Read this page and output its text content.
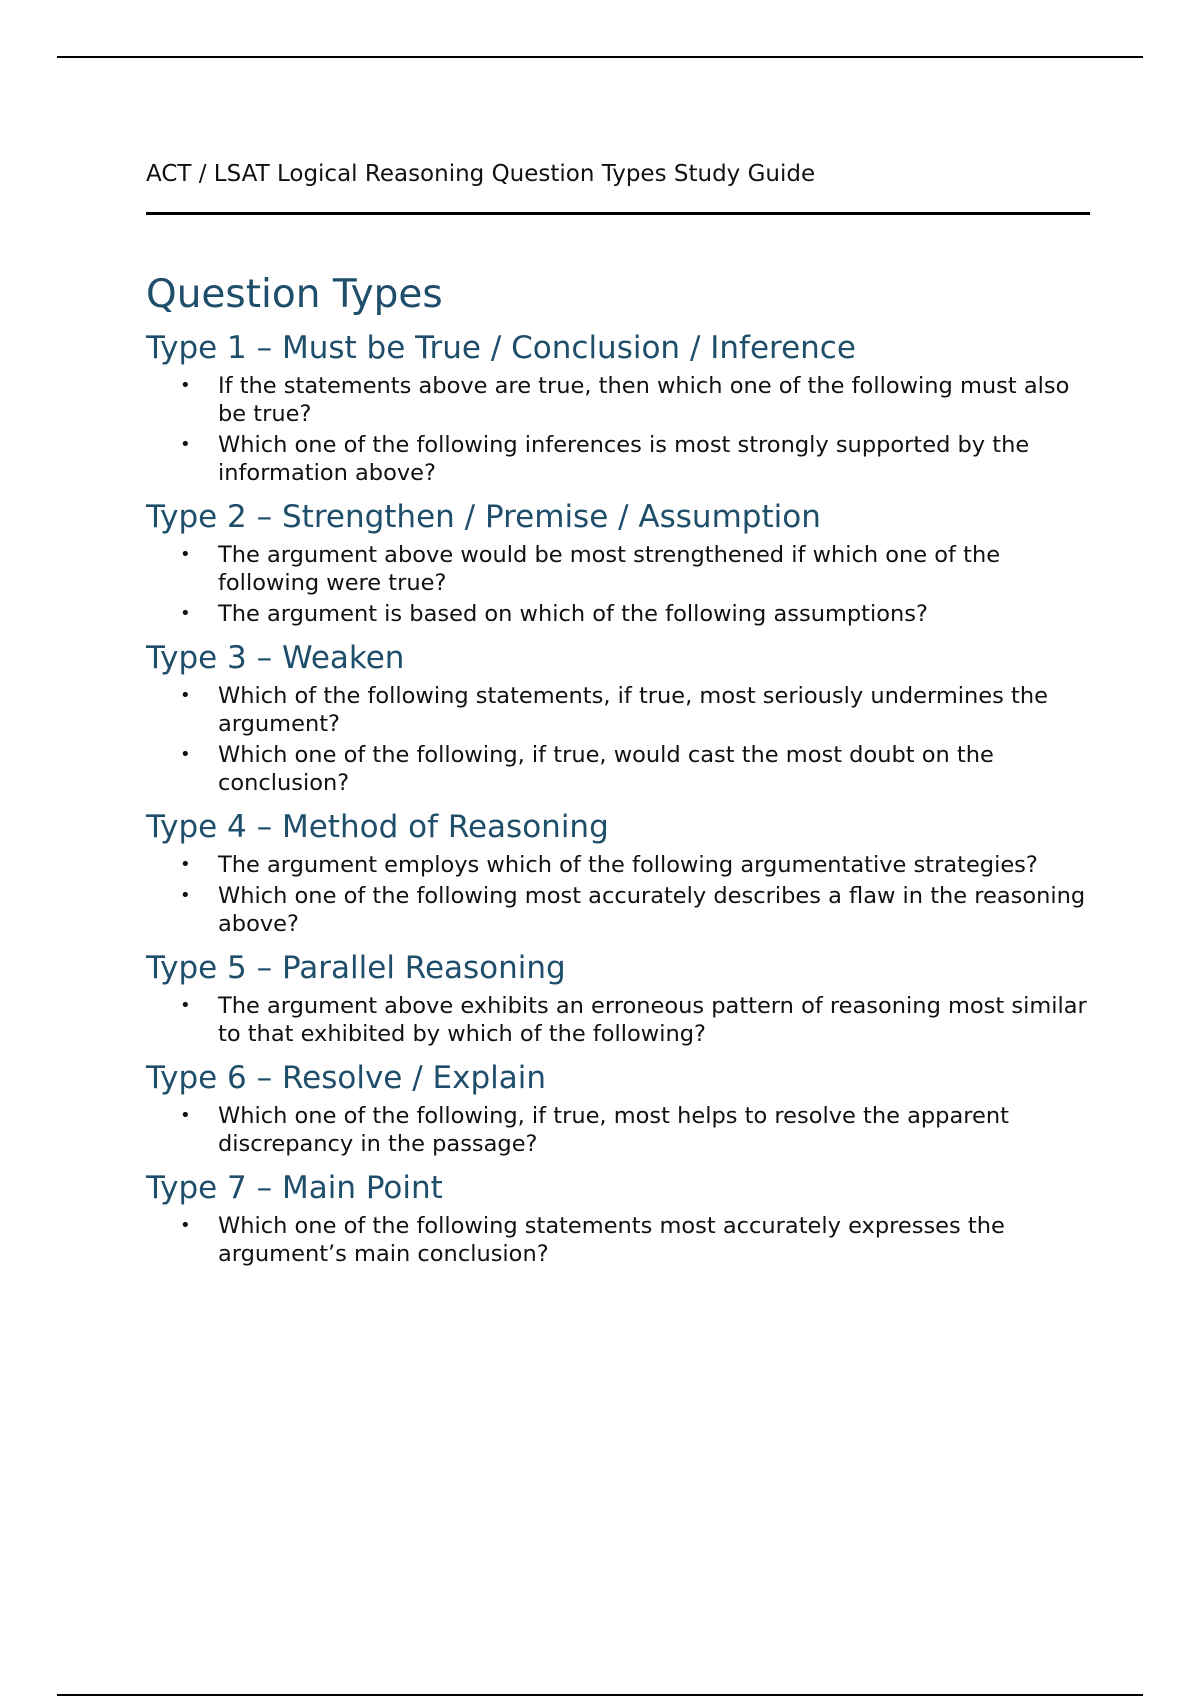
ACT / LSAT Logical Reasoning Question Types Study Guide
Question Types
Type 1 – Must be True / Conclusion / Inference
• If the statements above are true, then which one of the following must also be true?
• Which one of the following inferences is most strongly supported by the information above?
Type 2 – Strengthen / Premise / Assumption
• The argument above would be most strengthened if which one of the following were true?
• The argument is based on which of the following assumptions?
Type 3 – Weaken
• Which of the following statements, if true, most seriously undermines the argument?
• Which one of the following, if true, would cast the most doubt on the conclusion?
Type 4 – Method of Reasoning
• The argument employs which of the following argumentative strategies?
• Which one of the following most accurately describes a flaw in the reasoning above?
Type 5 – Parallel Reasoning
• The argument above exhibits an erroneous pattern of reasoning most similar to that exhibited by which of the following?
Type 6 – Resolve / Explain
• Which one of the following, if true, most helps to resolve the apparent discrepancy in the passage?
Type 7 – Main Point
• Which one of the following statements most accurately expresses the argument’s main conclusion?
